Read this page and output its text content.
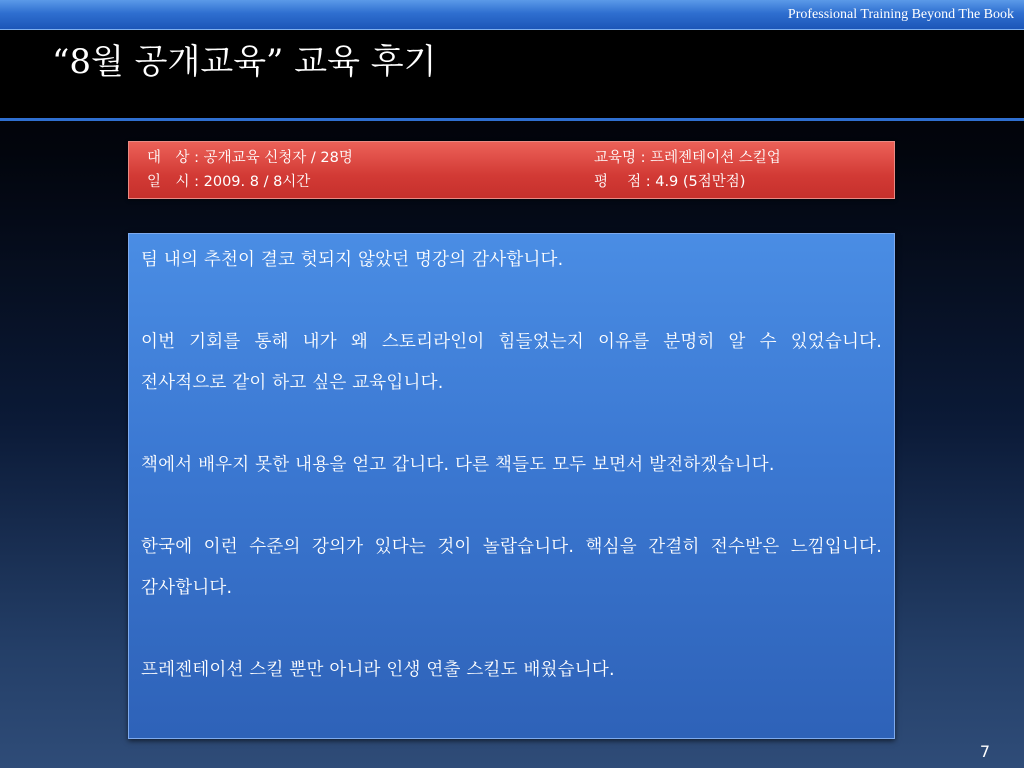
Professional Training Beyond The Book
“8월 공개교육” 교육 후기
대　상 : 공개교육 신청자 / 28명
일　시 : 2009. 8 / 8시간
교육명 : 프레젠테이션 스킬업
평　 점 : 4.9 (5점만점)

팀 내의 추천이 결코 헛되지 않았던 명강의 감사합니다.

이번 기회를 통해 내가 왜 스토리라인이 힘들었는지 이유를 분명히 알 수 있었습니다. 전사적으로 같이 하고 싶은 교육입니다.

책에서 배우지 못한 내용을 얻고 갑니다. 다른 책들도 모두 보면서 발전하겠습니다.

한국에 이런 수준의 강의가 있다는 것이 놀랍습니다. 핵심을 간결히 전수받은 느낌입니다. 감사합니다.

프레젠테이션 스킬 뿐만 아니라 인생 연출 스킬도 배웠습니다.

7
